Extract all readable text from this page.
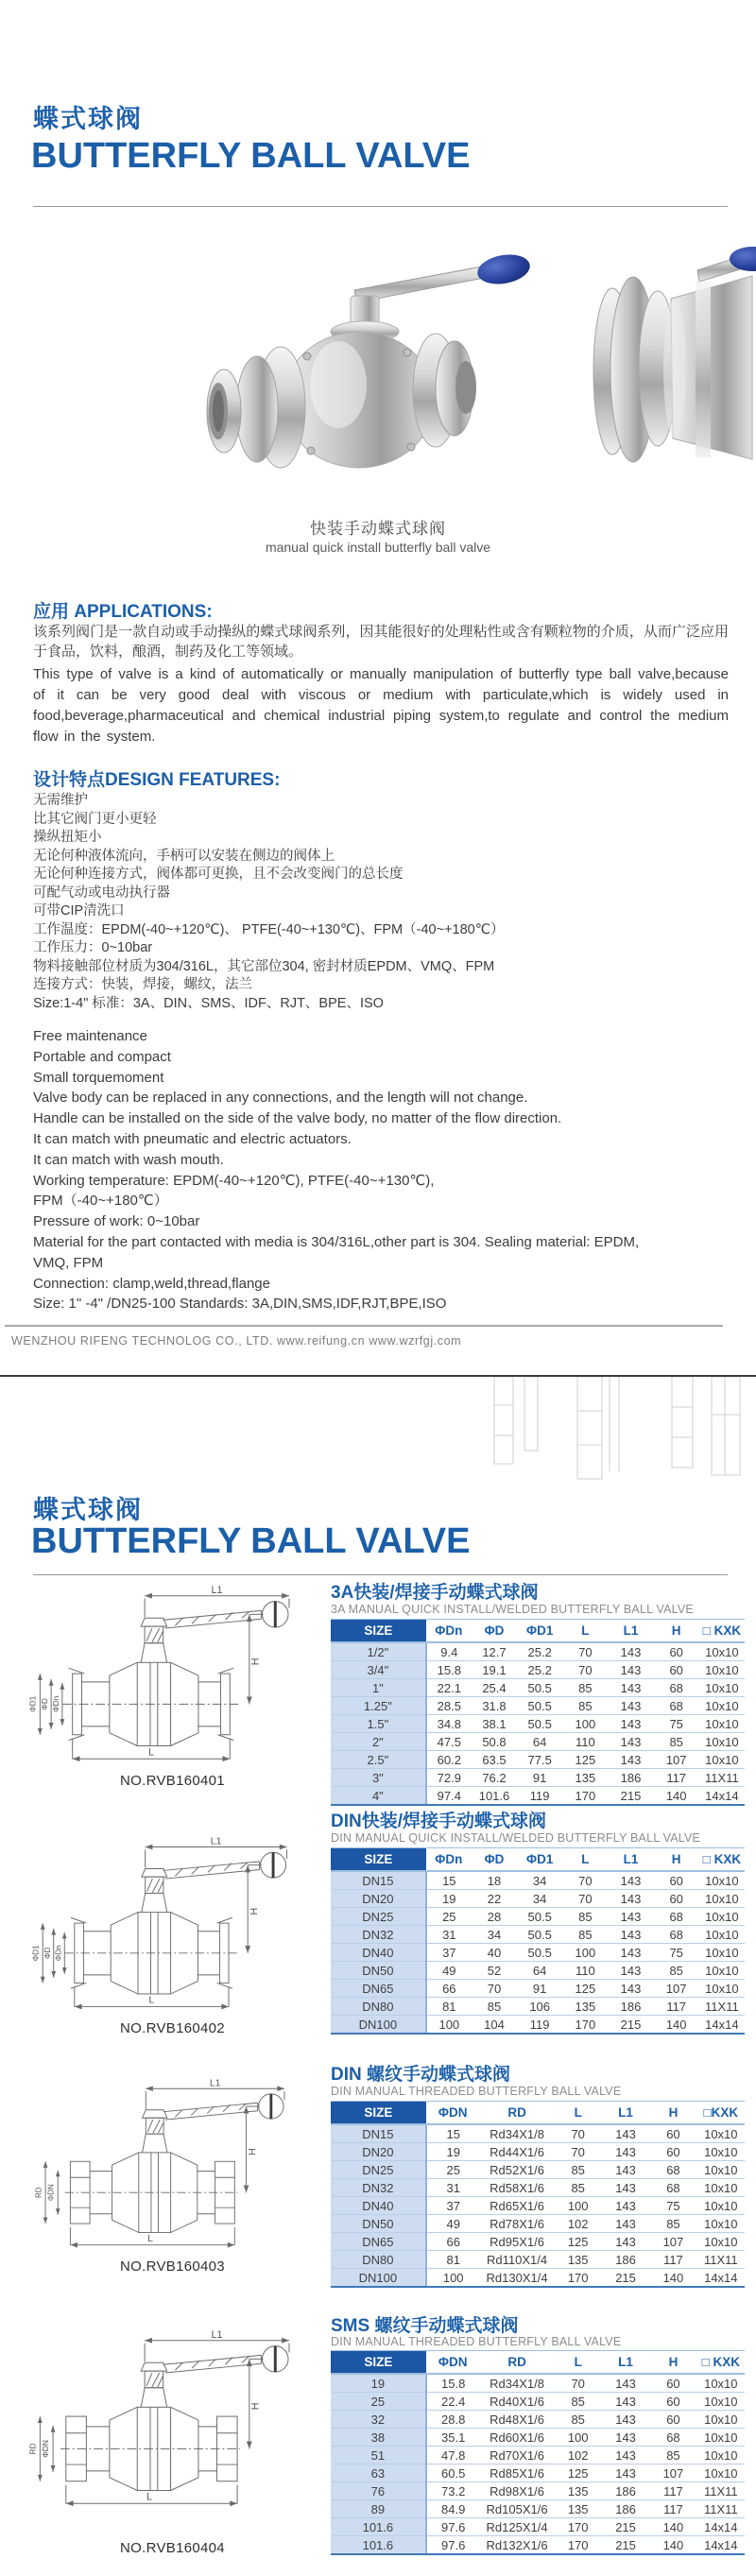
蝶式球阀
BUTTERFLY BALL VALVE
快装手动蝶式球阀
manual quick install butterfly ball valve
应用 APPLICATIONS:

该系列阀门是一款自动或手动操纵的蝶式球阀系列，因其能很好的处理粘性或含有颗粒物的介质，从而广泛应用于食品，饮料，酿酒，制药及化工等领域。

This type of valve is a kind of automatically or manually manipulation of butterfly type ball valve,because of it can be very good deal with viscous or medium with particulate,which is widely used in food,beverage,pharmaceutical and chemical industrial piping system,to regulate and control the medium flow in the system.

设计特点DESIGN FEATURES:
无需维护
比其它阀门更小更轻
操纵扭矩小
无论何种液体流向，手柄可以安装在侧边的阀体上
无论何种连接方式，阀体都可更换，且不会改变阀门的总长度
可配气动或电动执行器
可带CIP清洗口
工作温度：EPDM(-40~+120℃)、 PTFE(-40~+130℃)、FPM（-40~+180℃）
工作压力：0~10bar
物料接触部位材质为304/316L，其它部位304, 密封材质EPDM、VMQ、FPM
连接方式：快装，焊接，螺纹，法兰
Size:1-4" 标准：3A、DIN、SMS、IDF、RJT、BPE、ISO
Free maintenance
Portable and compact
Small torquemoment
Valve body can be replaced in any connections, and the length will not change.
Handle can be installed on the side of the valve body, no matter of the flow direction.
It can match with pneumatic and electric actuators.
It can match with wash mouth.
Working temperature: EPDM(-40~+120℃), PTFE(-40~+130℃),
FPM（-40~+180℃）
Pressure of work: 0~10bar
Material for the part contacted with media is 304/316L,other part is 304. Sealing material: EPDM,
VMQ, FPM
Connection: clamp,weld,thread,flange
Size: 1" -4" /DN25-100 Standards: 3A,DIN,SMS,IDF,RJT,BPE,ISO
WENZHOU RIFENG TECHNOLOG CO., LTD. www.reifung.cn www.wzrfgj.com
蝶式球阀
BUTTERFLY BALL VALVE
L1
H
L
ΦD1 ΦD ΦDn
NO.RVB160401
L1
H
L
ΦD1 ΦD ΦDn
NO.RVB160402
L1
H
L
RD ΦDN
NO.RVB160403
L1
H
L
RD ΦDN
NO.RVB160404
3A快装/焊接手动蝶式球阀
3A MANUAL QUICK INSTALL/WELDED BUTTERFLY BALL VALVE
SIZE	ΦDn	ΦD	ΦD1	L	L1	H	□ KXK
1/2"	9.4	12.7	25.2	70	143	60	10x10
3/4"	15.8	19.1	25.2	70	143	60	10x10
1"	22.1	25.4	50.5	85	143	68	10x10
1.25"	28.5	31.8	50.5	85	143	68	10x10
1.5"	34.8	38.1	50.5	100	143	75	10x10
2"	47.5	50.8	64	110	143	85	10x10
2.5"	60.2	63.5	77.5	125	143	107	10x10
3"	72.9	76.2	91	135	186	117	11X11
4"	97.4	101.6	119	170	215	140	14x14
DIN快装/焊接手动蝶式球阀
DIN MANUAL QUICK INSTALL/WELDED BUTTERFLY BALL VALVE
SIZE	ΦDn	ΦD	ΦD1	L	L1	H	□ KXK
DN15	15	18	34	70	143	60	10x10
DN20	19	22	34	70	143	60	10x10
DN25	25	28	50.5	85	143	68	10x10
DN32	31	34	50.5	85	143	68	10x10
DN40	37	40	50.5	100	143	75	10x10
DN50	49	52	64	110	143	85	10x10
DN65	66	70	91	125	143	107	10x10
DN80	81	85	106	135	186	117	11X11
DN100	100	104	119	170	215	140	14x14
DIN 螺纹手动蝶式球阀
DIN MANUAL THREADED BUTTERFLY BALL VALVE
SIZE	ΦDN	RD	L	L1	H	□KXK
DN15	15	Rd34X1/8	70	143	60	10x10
DN20	19	Rd44X1/6	70	143	60	10x10
DN25	25	Rd52X1/6	85	143	68	10x10
DN32	31	Rd58X1/6	85	143	68	10x10
DN40	37	Rd65X1/6	100	143	75	10x10
DN50	49	Rd78X1/6	102	143	85	10x10
DN65	66	Rd95X1/6	125	143	107	10x10
DN80	81	Rd110X1/4	135	186	117	11X11
DN100	100	Rd130X1/4	170	215	140	14x14
SMS 螺纹手动蝶式球阀
DIN MANUAL THREADED BUTTERFLY BALL VALVE
SIZE	ΦDN	RD	L	L1	H	□ KXK
19	15.8	Rd34X1/8	70	143	60	10x10
25	22.4	Rd40X1/6	85	143	60	10x10
32	28.8	Rd48X1/6	85	143	60	10x10
38	35.1	Rd60X1/6	100	143	68	10x10
51	47.8	Rd70X1/6	102	143	85	10x10
63	60.5	Rd85X1/6	125	143	107	10x10
76	73.2	Rd98X1/6	135	186	117	11X11
89	84.9	Rd105X1/6	135	186	117	11X11
101.6	97.6	Rd125X1/4	170	215	140	14x14
101.6	97.6	Rd132X1/6	170	215	140	14x14
